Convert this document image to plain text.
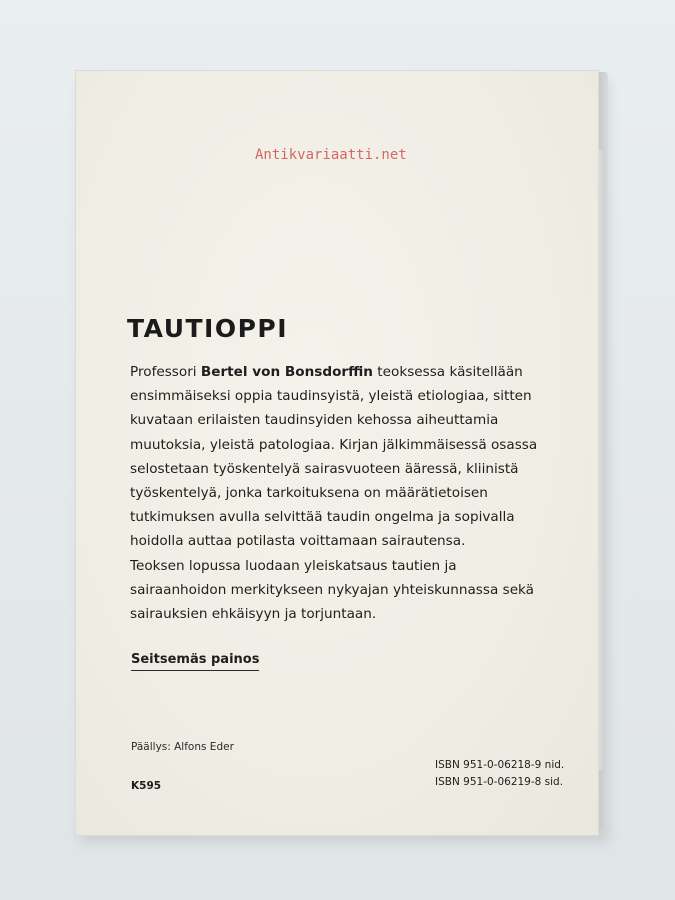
TAUTIOPPI

Professori Bertel von Bonsdorffin teoksessa käsitellään
ensimmäiseksi oppia taudinsyistä, yleistä etiologiaa, sitten
kuvataan erilaisten taudinsyiden kehossa aiheuttamia
muutoksia, yleistä patologiaa. Kirjan jälkimmäisessä osassa
selostetaan työskentelyä sairasvuoteen ääressä, kliinistä
työskentelyä, jonka tarkoituksena on määrätietoisen
tutkimuksen avulla selvittää taudin ongelma ja sopivalla
hoidolla auttaa potilasta voittamaan sairautensa.
Teoksen lopussa luodaan yleiskatsaus tautien ja
sairaanhoidon merkitykseen nykyajan yhteiskunnassa sekä
sairauksien ehkäisyyn ja torjuntaan.

Seitsemäs painos
Päällys: Alfons Eder
K595
ISBN 951-0-06218-9 nid.
ISBN 951-0-06219-8 sid.
Antikvariaatti.net
